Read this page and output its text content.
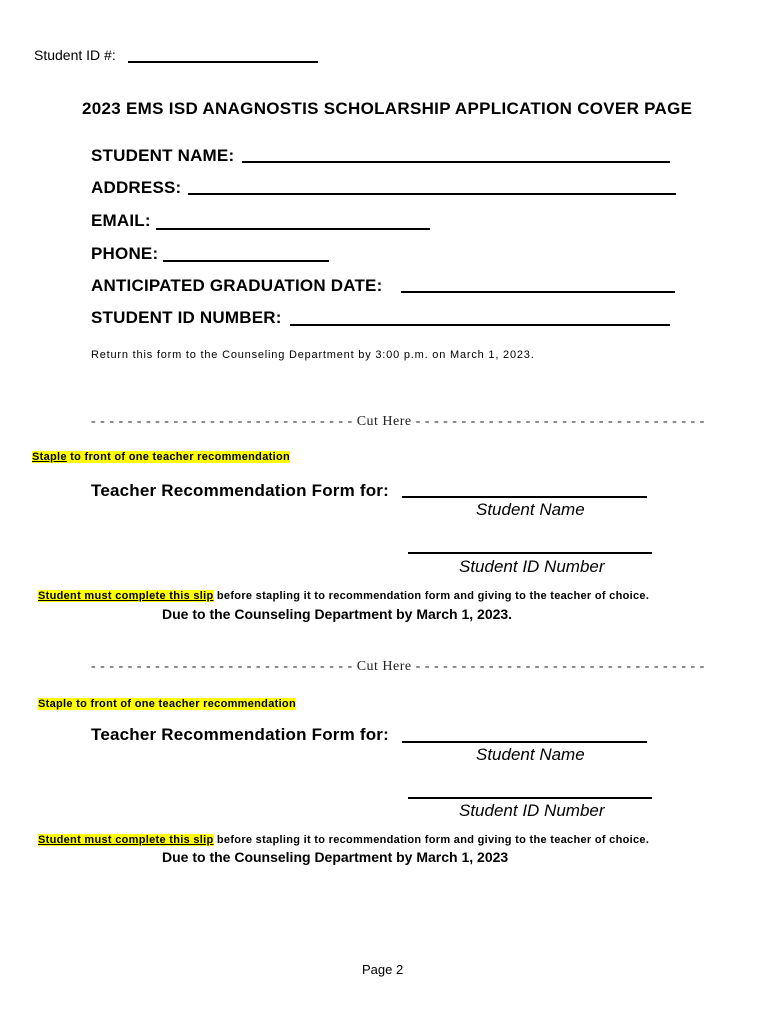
Student ID #:
2023 EMS ISD ANAGNOSTIS SCHOLARSHIP APPLICATION COVER PAGE
STUDENT NAME:
ADDRESS:
EMAIL:
PHONE:
ANTICIPATED GRADUATION DATE:
STUDENT ID NUMBER:
Return this form to the Counseling Department by 3:00 p.m. on March 1, 2023.
- - - - - - - - - - - - - - - - - - - - - - - - - - - - - Cut Here - - - - - - - - - - - - - - - - - - - - - - - - - - - - - - - -
Staple to front of one teacher recommendation
Teacher Recommendation Form for:
Student Name
Student ID Number
Student must complete this slip before stapling it to recommendation form and giving to the teacher of choice.
Due to the Counseling Department by March 1, 2023.
- - - - - - - - - - - - - - - - - - - - - - - - - - - - - Cut Here - - - - - - - - - - - - - - - - - - - - - - - - - - - - - - - -
Staple to front of one teacher recommendation
Teacher Recommendation Form for:
Student Name
Student ID Number
Student must complete this slip before stapling it to recommendation form and giving to the teacher of choice.
Due to the Counseling Department by March 1, 2023
Page 2
